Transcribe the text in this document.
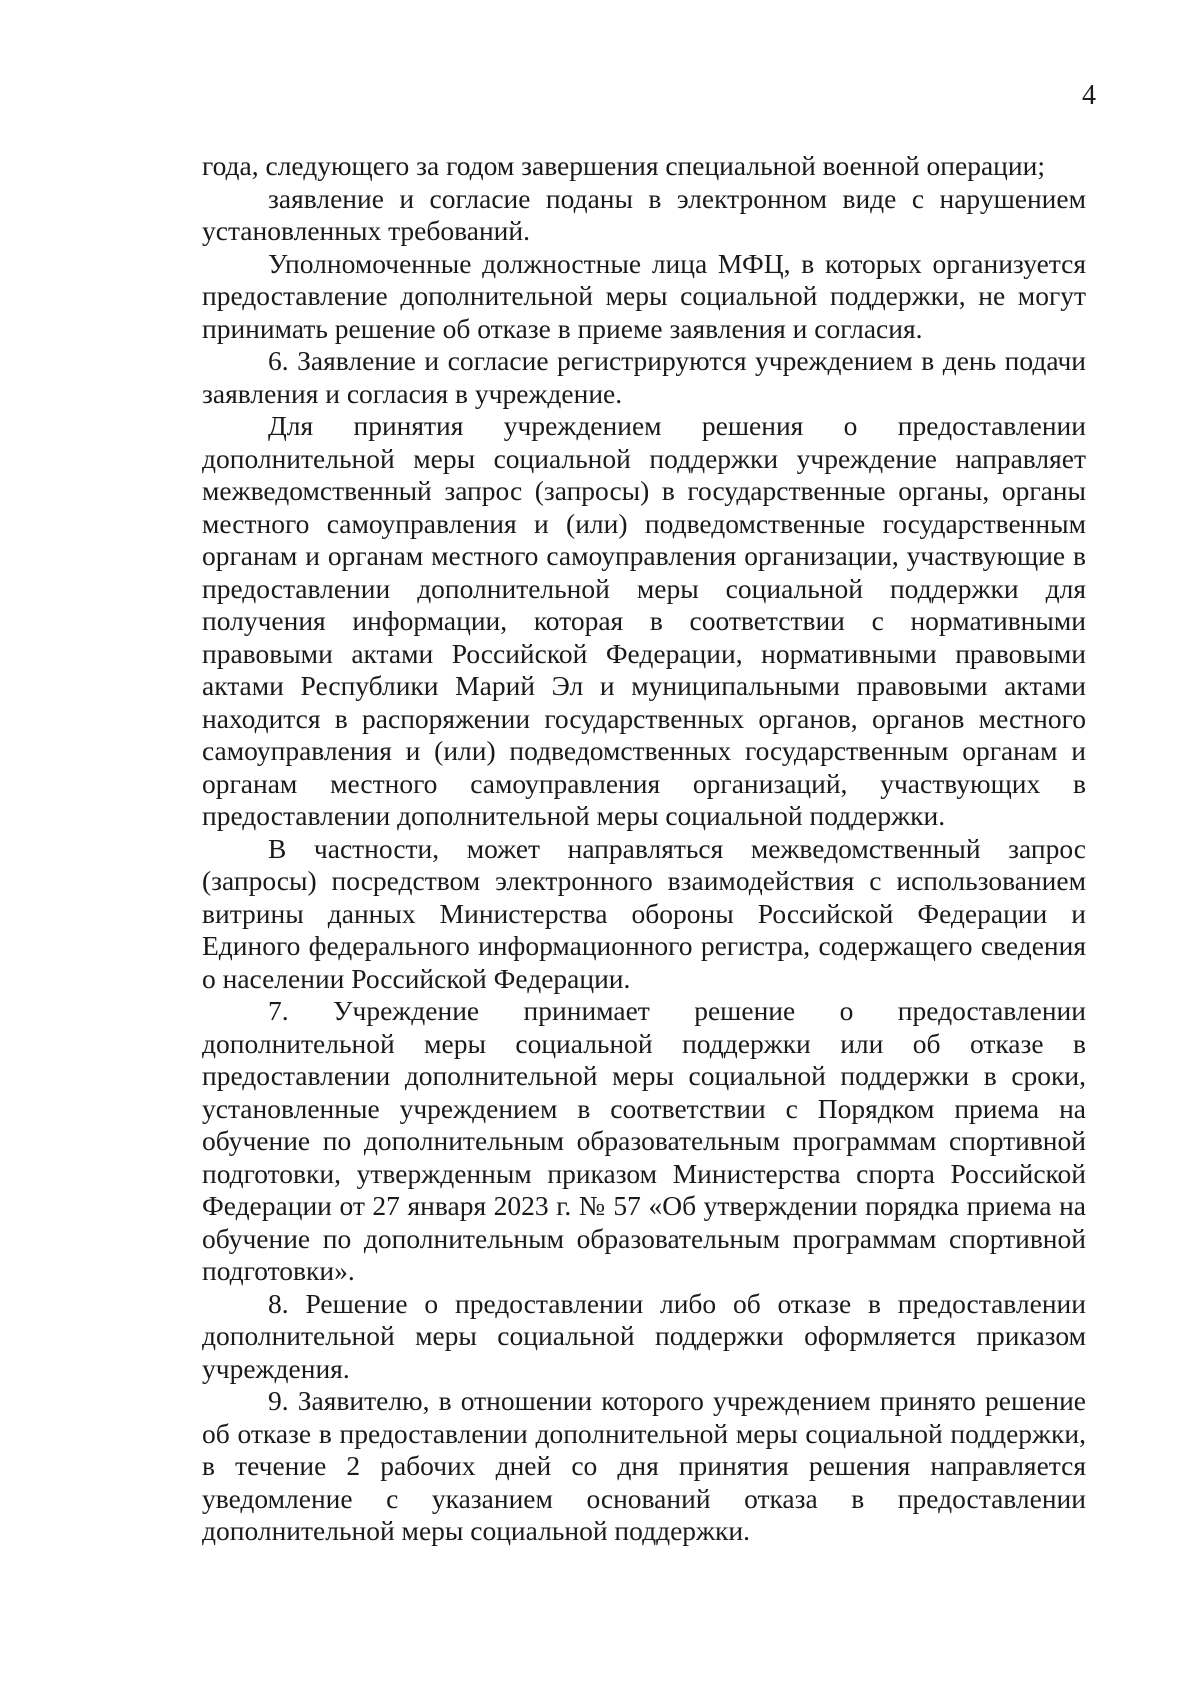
4

года, следующего за годом завершения специальной военной операции;

заявление и согласие поданы в электронном виде с нарушением установленных требований.

Уполномоченные должностные лица МФЦ, в которых организуется предоставление дополнительной меры социальной поддержки, не могут принимать решение об отказе в приеме заявления и согласия.

6. Заявление и согласие регистрируются учреждением в день подачи заявления и согласия в учреждение.

Для принятия учреждением решения о предоставлении дополнительной меры социальной поддержки учреждение направляет межведомственный запрос (запросы) в государственные органы, органы местного самоуправления и (или) подведомственные государственным органам и органам местного самоуправления организации, участвующие в предоставлении дополнительной меры социальной поддержки для получения информации, которая в соответствии с нормативными правовыми актами Российской Федерации, нормативными правовыми актами Республики Марий Эл и муниципальными правовыми актами находится в распоряжении государственных органов, органов местного самоуправления и (или) подведомственных государственным органам и органам местного самоуправления организаций, участвующих в предоставлении дополнительной меры социальной поддержки.

В частности, может направляться межведомственный запрос (запросы) посредством электронного взаимодействия с использованием витрины данных Министерства обороны Российской Федерации и Единого федерального информационного регистра, содержащего сведения о населении Российской Федерации.

7. Учреждение принимает решение о предоставлении дополнительной меры социальной поддержки или об отказе в предоставлении дополнительной меры социальной поддержки в сроки, установленные учреждением в соответствии с Порядком приема на обучение по дополнительным образовательным программам спортивной подготовки, утвержденным приказом Министерства спорта Российской Федерации от 27 января 2023 г. № 57 «Об утверждении порядка приема на обучение по дополнительным образовательным программам спортивной подготовки».

8. Решение о предоставлении либо об отказе в предоставлении дополнительной меры социальной поддержки оформляется приказом учреждения.

9. Заявителю, в отношении которого учреждением принято решение об отказе в предоставлении дополнительной меры социальной поддержки, в течение 2 рабочих дней со дня принятия решения направляется уведомление с указанием оснований отказа в предоставлении дополнительной меры социальной поддержки.
